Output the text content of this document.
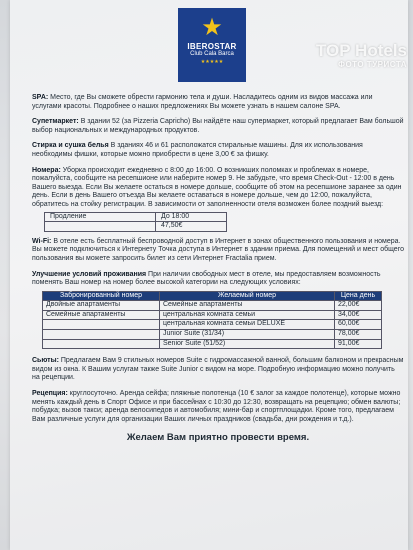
★
IBEROSTAR
Club Cala Barca
★★★★★

SPA: Место, где Вы сможете обрести гармонию тела и души. Насладитесь одним из видов массажа или услугами красоты. Подробнее о наших предложениях Вы можете узнать в нашем салоне SPA.

Супетмаркет: В здании 52 (за Pizzeria Capricho) Вы найдёте наш супермаркет, который предлагает Вам большой выбор национальных и международных продуктов.

Стирка и сушка белья В зданиях 46 и 61 расположатся стиральные машины. Для их использования необходимы фишки, которые можно приобрести в цене 3,00 € за фишку.

Номера: Уборка происходит ежедневно с 8:00 до 16:00. О возникших поломках и проблемах в номере, пожалуйста, сообщите на ресепшионе или наберите номер 9. Не забудьте, что время Check-Out - 12:00 в день Вашего выезда. Если Вы желаете остаться в номере дольше, сообщите об этом на ресепшионе заранее за один день. Если в день Вашего отъезда Вы желаете оставаться в номере дольше, чем до 12:00, пожалуйста, обратитесь на стойку регистрации. В зависимости от заполненности отеля возможен более поздний выезд:

Продление	До 18:00
	47,50€

Wi-Fi: В отеле есть бесплатный беспроводной доступ в Интернет в зонах общественного пользования и номера. Вы можете подключиться к Интернету Точка доступа в Интернет в здании приема. Для помещений и мест общего пользования вы можете запросить билет из сети Интернет Fractalia прием.

Улучшение условий проживания При наличии свободных мест в отеле, мы предоставляем возможность поменять Ваш номер на номер более высокой категории на следующих условиях:

Забронированный номер	Желаемый номер	Цена день
Двойные апартаменты	Семейные апартаменты	22,00€
Семейные апартаменты	центральная комната семьи	34,00€
	центральная комната семьи DELUXE	60,00€
	Junior Suite (31/34)	78,00€
	Senior Suite (51/52)	91,00€

Сьюты: Предлагаем Вам 9 стильных номеров Suite с гидромассажной ванной, большим балконом и прекрасным видом из окна. К Вашим услугам также Suite Junior с видом на море. Подробную информацию можно получить на рецепции.

Рецепция: круглосуточно. Аренда сейфа; пляжные полотенца (10 € залог за каждое полотенце), которые можно менять каждый день в Спорт Офисе и при бассейнах с 10:30 до 12:30, возвращать на рецепцию; обмен валюты; побудка; вызов такси; аренда велосипедов и автомобиля; мини-бар и спортплощадки. Кроме того, предлагаем Вам различные услуги для организации Ваших личных праздников (свадьба, дни рождения и т.д.).

Желаем Вам приятно провести время.
TOP Hotels
ФОТО ТУРИСТА
